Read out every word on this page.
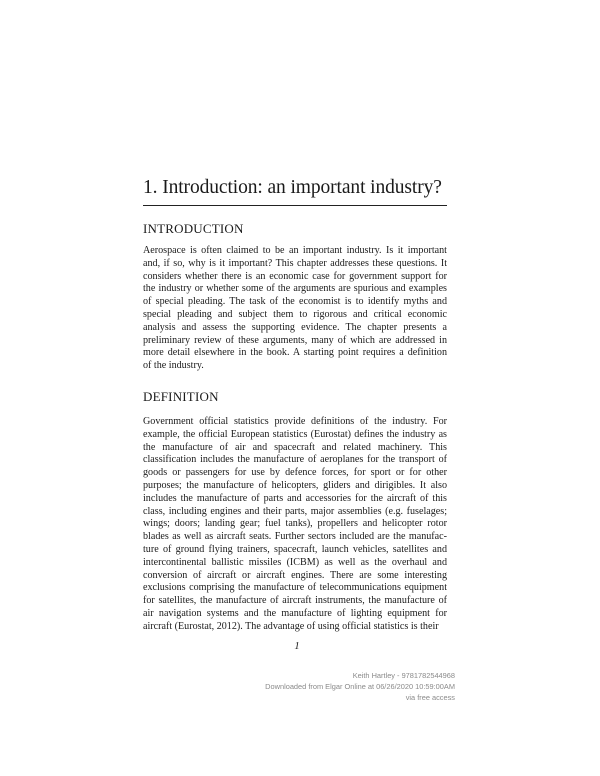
1. Introduction: an important industry?
INTRODUCTION
Aerospace is often claimed to be an important industry. Is it important
and, if so, why is it important? This chapter addresses these questions. It
considers whether there is an economic case for government support for
the industry or whether some of the arguments are spurious and examples
of special pleading. The task of the economist is to identify myths and
special pleading and subject them to rigorous and critical economic
analysis and assess the supporting evidence. The chapter presents a
preliminary review of these arguments, many of which are addressed in
more detail elsewhere in the book. A starting point requires a definition
of the industry.
DEFINITION
Government official statistics provide definitions of the industry. For
example, the official European statistics (Eurostat) defines the industry as
the manufacture of air and spacecraft and related machinery. This
classification includes the manufacture of aeroplanes for the transport of
goods or passengers for use by defence forces, for sport or for other
purposes; the manufacture of helicopters, gliders and dirigibles. It also
includes the manufacture of parts and accessories for the aircraft of this
class, including engines and their parts, major assemblies (e.g. fuselages;
wings; doors; landing gear; fuel tanks), propellers and helicopter rotor
blades as well as aircraft seats. Further sectors included are the manufac-
ture of ground flying trainers, spacecraft, launch vehicles, satellites and
intercontinental ballistic missiles (ICBM) as well as the overhaul and
conversion of aircraft or aircraft engines. There are some interesting
exclusions comprising the manufacture of telecommunications equipment
for satellites, the manufacture of aircraft instruments, the manufacture of
air navigation systems and the manufacture of lighting equipment for
aircraft (Eurostat, 2012). The advantage of using official statistics is their
1
Keith Hartley - 9781782544968
Downloaded from Elgar Online at 06/26/2020 10:59:00AM
via free access
